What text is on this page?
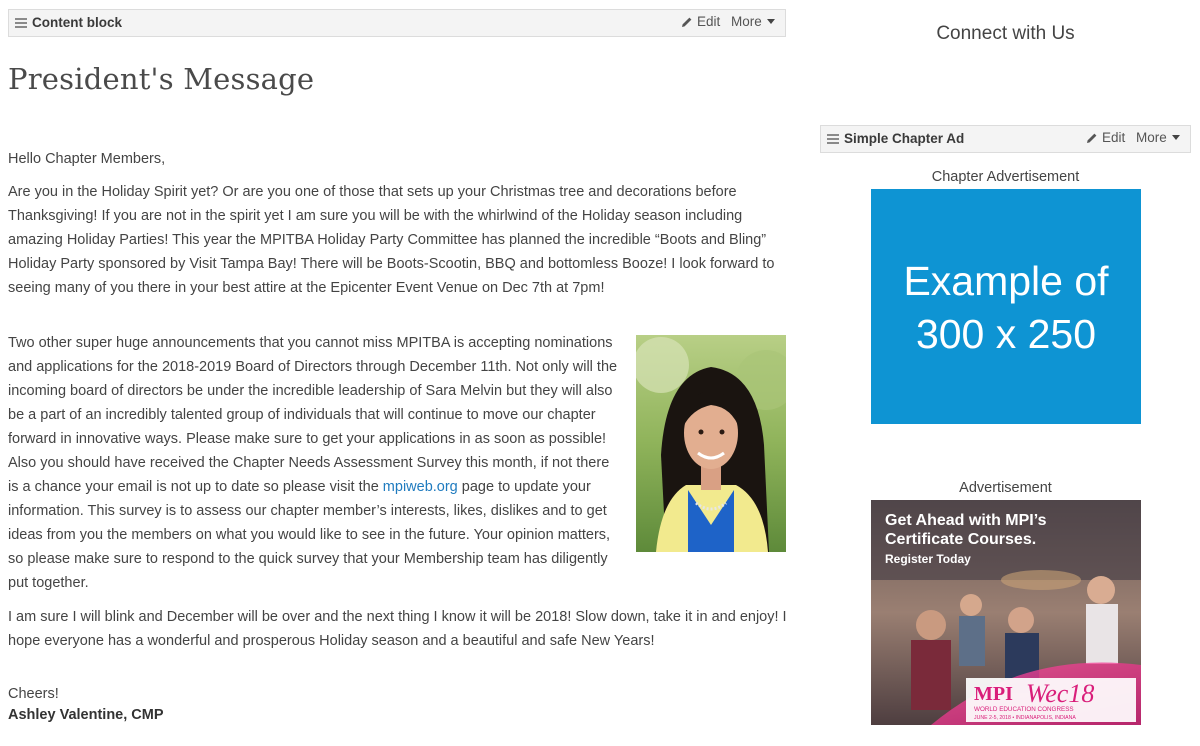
Content block	Edit More
President's Message

Hello Chapter Members,

Are you in the Holiday Spirit yet? Or are you one of those that sets up your Christmas tree and decorations before Thanksgiving! If you are not in the spirit yet I am sure you will be with the whirlwind of the Holiday season including amazing Holiday Parties! This year the MPITBA Holiday Party Committee has planned the incredible “Boots and Bling” Holiday Party sponsored by Visit Tampa Bay! There will be Boots-Scootin, BBQ and bottomless Booze! I look forward to seeing many of you there in your best attire at the Epicenter Event Venue on Dec 7th at 7pm!

Two other super huge announcements that you cannot miss MPITBA is accepting nominations and applications for the 2018-2019 Board of Directors through December 11th. Not only will the incoming board of directors be under the incredible leadership of Sara Melvin but they will also be a part of an incredibly talented group of individuals that will continue to move our chapter forward in innovative ways. Please make sure to get your applications in as soon as possible! Also you should have received the Chapter Needs Assessment Survey this month, if not there is a chance your email is not up to date so please visit the mpiweb.org page to update your information. This survey is to assess our chapter member’s interests, likes, dislikes and to get ideas from you the members on what you would like to see in the future. Your opinion matters, so please make sure to respond to the quick survey that your Membership team has diligently put together.

I am sure I will blink and December will be over and the next thing I know it will be 2018! Slow down, take it in and enjoy! I hope everyone has a wonderful and prosperous Holiday season and a beautiful and safe New Years!

Cheers!

Ashley Valentine, CMP

Connect with Us
Simple Chapter Ad	Edit More
Chapter Advertisement
Example of
300 x 250
Advertisement
Get Ahead with MPI’s
Certificate Courses.
Register Today
MPI Wec18
WORLD EDUCATION CONGRESS
JUNE 2-5, 2018 • INDIANAPOLIS, INDIANA
